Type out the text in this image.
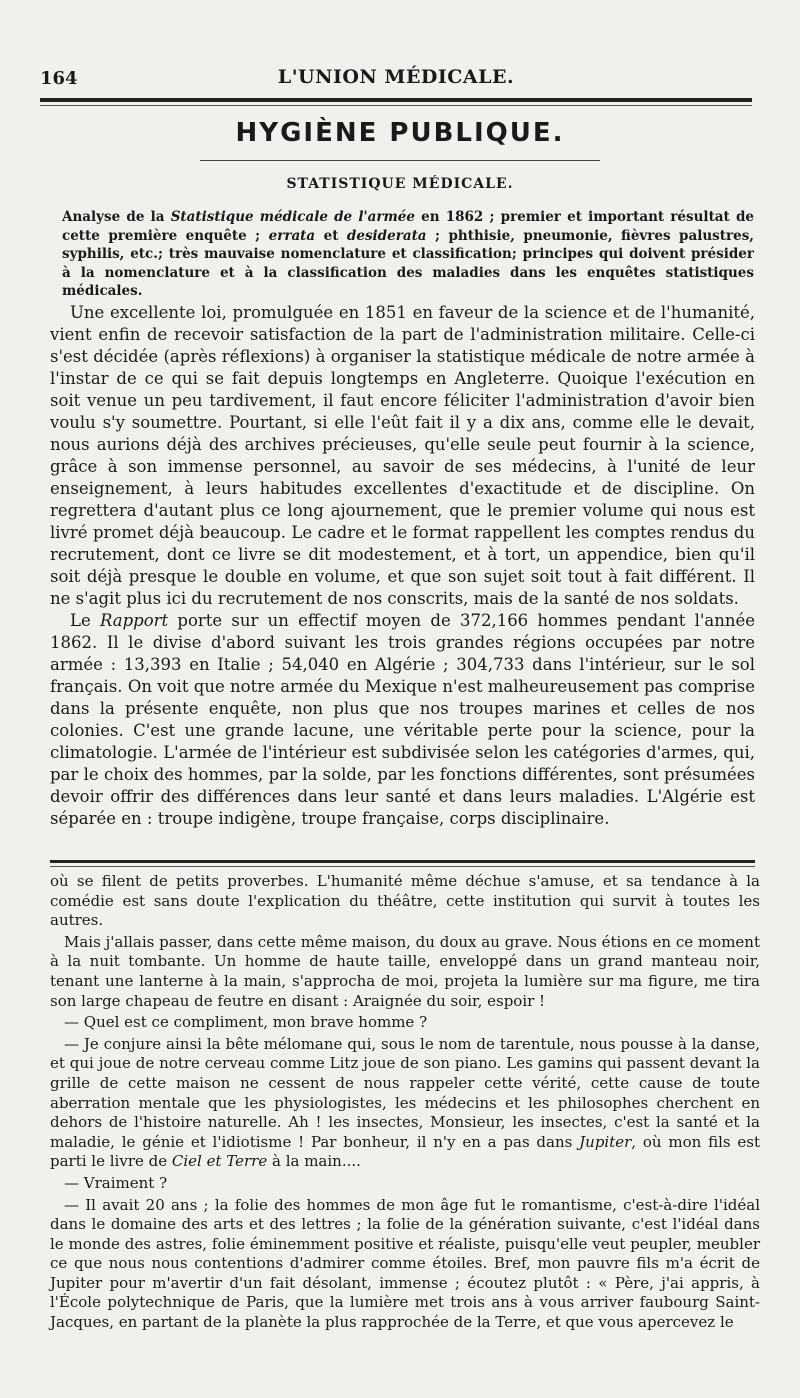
164	L'UNION MÉDICALE.
HYGIÈNE PUBLIQUE.
STATISTIQUE MÉDICALE.

Analyse de la Statistique médicale de l'armée en 1862 ; premier et important résultat de cette première enquête ; errata et desiderata ; phthisie, pneumonie, fièvres palustres, syphilis, etc.; très mauvaise nomenclature et classification; principes qui doivent présider à la nomenclature et à la classification des maladies dans les enquêtes statistiques médicales.

Une excellente loi, promulguée en 1851 en faveur de la science et de l'humanité, vient enfin de recevoir satisfaction de la part de l'administration militaire. Celle-ci s'est décidée (après réflexions) à organiser la statistique médicale de notre armée à l'instar de ce qui se fait depuis longtemps en Angleterre. Quoique l'exécution en soit venue un peu tardivement, il faut encore féliciter l'administration d'avoir bien voulu s'y soumettre. Pourtant, si elle l'eût fait il y a dix ans, comme elle le devait, nous aurions déjà des archives précieuses, qu'elle seule peut fournir à la science, grâce à son immense personnel, au savoir de ses médecins, à l'unité de leur enseignement, à leurs habitudes excellentes d'exactitude et de discipline. On regrettera d'autant plus ce long ajournement, que le premier volume qui nous est livré promet déjà beaucoup. Le cadre et le format rappellent les comptes rendus du recrutement, dont ce livre se dit modestement, et à tort, un appendice, bien qu'il soit déjà presque le double en volume, et que son sujet soit tout à fait différent. Il ne s'agit plus ici du recrutement de nos conscrits, mais de la santé de nos soldats.

Le Rapport porte sur un effectif moyen de 372,166 hommes pendant l'année 1862. Il le divise d'abord suivant les trois grandes régions occupées par notre armée : 13,393 en Italie ; 54,040 en Algérie ; 304,733 dans l'intérieur, sur le sol français. On voit que notre armée du Mexique n'est malheureusement pas comprise dans la présente enquête, non plus que nos troupes marines et celles de nos colonies. C'est une grande lacune, une véritable perte pour la science, pour la climatologie. L'armée de l'intérieur est subdivisée selon les catégories d'armes, qui, par le choix des hommes, par la solde, par les fonctions différentes, sont présumées devoir offrir des différences dans leur santé et dans leurs maladies. L'Algérie est séparée en : troupe indigène, troupe française, corps disciplinaire.

où se filent de petits proverbes. L'humanité même déchue s'amuse, et sa tendance à la comédie est sans doute l'explication du théâtre, cette institution qui survit à toutes les autres.

Mais j'allais passer, dans cette même maison, du doux au grave. Nous étions en ce moment à la nuit tombante. Un homme de haute taille, enveloppé dans un grand manteau noir, tenant une lanterne à la main, s'approcha de moi, projeta la lumière sur ma figure, me tira son large chapeau de feutre en disant : Araignée du soir, espoir !

— Quel est ce compliment, mon brave homme ?

— Je conjure ainsi la bête mélomane qui, sous le nom de tarentule, nous pousse à la danse, et qui joue de notre cerveau comme Litz joue de son piano. Les gamins qui passent devant la grille de cette maison ne cessent de nous rappeler cette vérité, cette cause de toute aberration mentale que les physiologistes, les médecins et les philosophes cherchent en dehors de l'histoire naturelle. Ah ! les insectes, Monsieur, les insectes, c'est la santé et la maladie, le génie et l'idiotisme ! Par bonheur, il n'y en a pas dans Jupiter, où mon fils est parti le livre de Ciel et Terre à la main....

— Vraiment ?

— Il avait 20 ans ; la folie des hommes de mon âge fut le romantisme, c'est-à-dire l'idéal dans le domaine des arts et des lettres ; la folie de la génération suivante, c'est l'idéal dans le monde des astres, folie éminemment positive et réaliste, puisqu'elle veut peupler, meubler ce que nous nous contentions d'admirer comme étoiles. Bref, mon pauvre fils m'a écrit de Jupiter pour m'avertir d'un fait désolant, immense ; écoutez plutôt : « Père, j'ai appris, à l'École polytechnique de Paris, que la lumière met trois ans à vous arriver faubourg Saint-Jacques, en partant de la planète la plus rapprochée de la Terre, et que vous apercevez le
